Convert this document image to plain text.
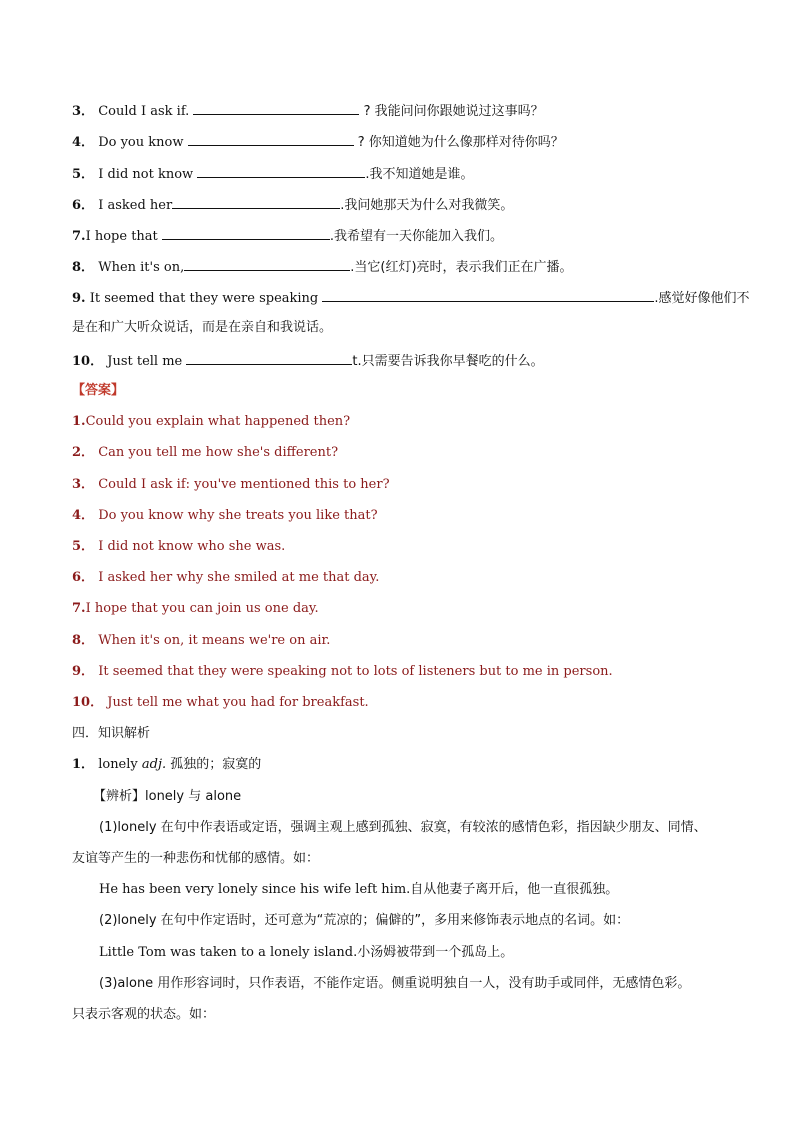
3． Could I ask if.	? 我能问问你跟她说过这事吗？
4． Do you know	? 你知道她为什么像那样对待你吗？
5． I did not know	.我不知道她是谁。
6． I asked her	.我问她那天为什么对我微笑。
7.I hope that	.我希望有一天你能加入我们。
8． When it's on,	.当它(红灯)亮时，表示我们正在广播。
9. It seemed that they were speaking	.感觉好像他们不
是在和广大听众说话，而是在亲自和我说话。
10． Just tell me	t.只需要告诉我你早餐吃的什么。
【答案】
1.Could you explain what happened then?
2． Can you tell me how she's different?
3． Could I ask if: you've mentioned this to her?
4． Do you know why she treats you like that?
5． I did not know who she was.
6． I asked her why she smiled at me that day.
7.I hope that you can join us one day.
8． When it's on, it means we're on air.
9． It seemed that they were speaking not to lots of listeners but to me in person.
10． Just tell me what you had for breakfast.
四．知识解析
1． lonely adj. 孤独的；寂寞的
【辨析】lonely 与 alone
(1)lonely 在句中作表语或定语，强调主观上感到孤独、寂寞，有较浓的感情色彩，指因缺少朋友、同情、
友谊等产生的一种悲伤和忧郁的感情。如：
He has been very lonely since his wife left him.自从他妻子离开后，他一直很孤独。
(2)lonely 在句中作定语时，还可意为“荒凉的；偏僻的”，多用来修饰表示地点的名词。如：
Little Tom was taken to a lonely island.小汤姆被带到一个孤岛上。
(3)alone 用作形容词时，只作表语，不能作定语。侧重说明独自一人，没有助手或同伴，无感情色彩。
只表示客观的状态。如：
